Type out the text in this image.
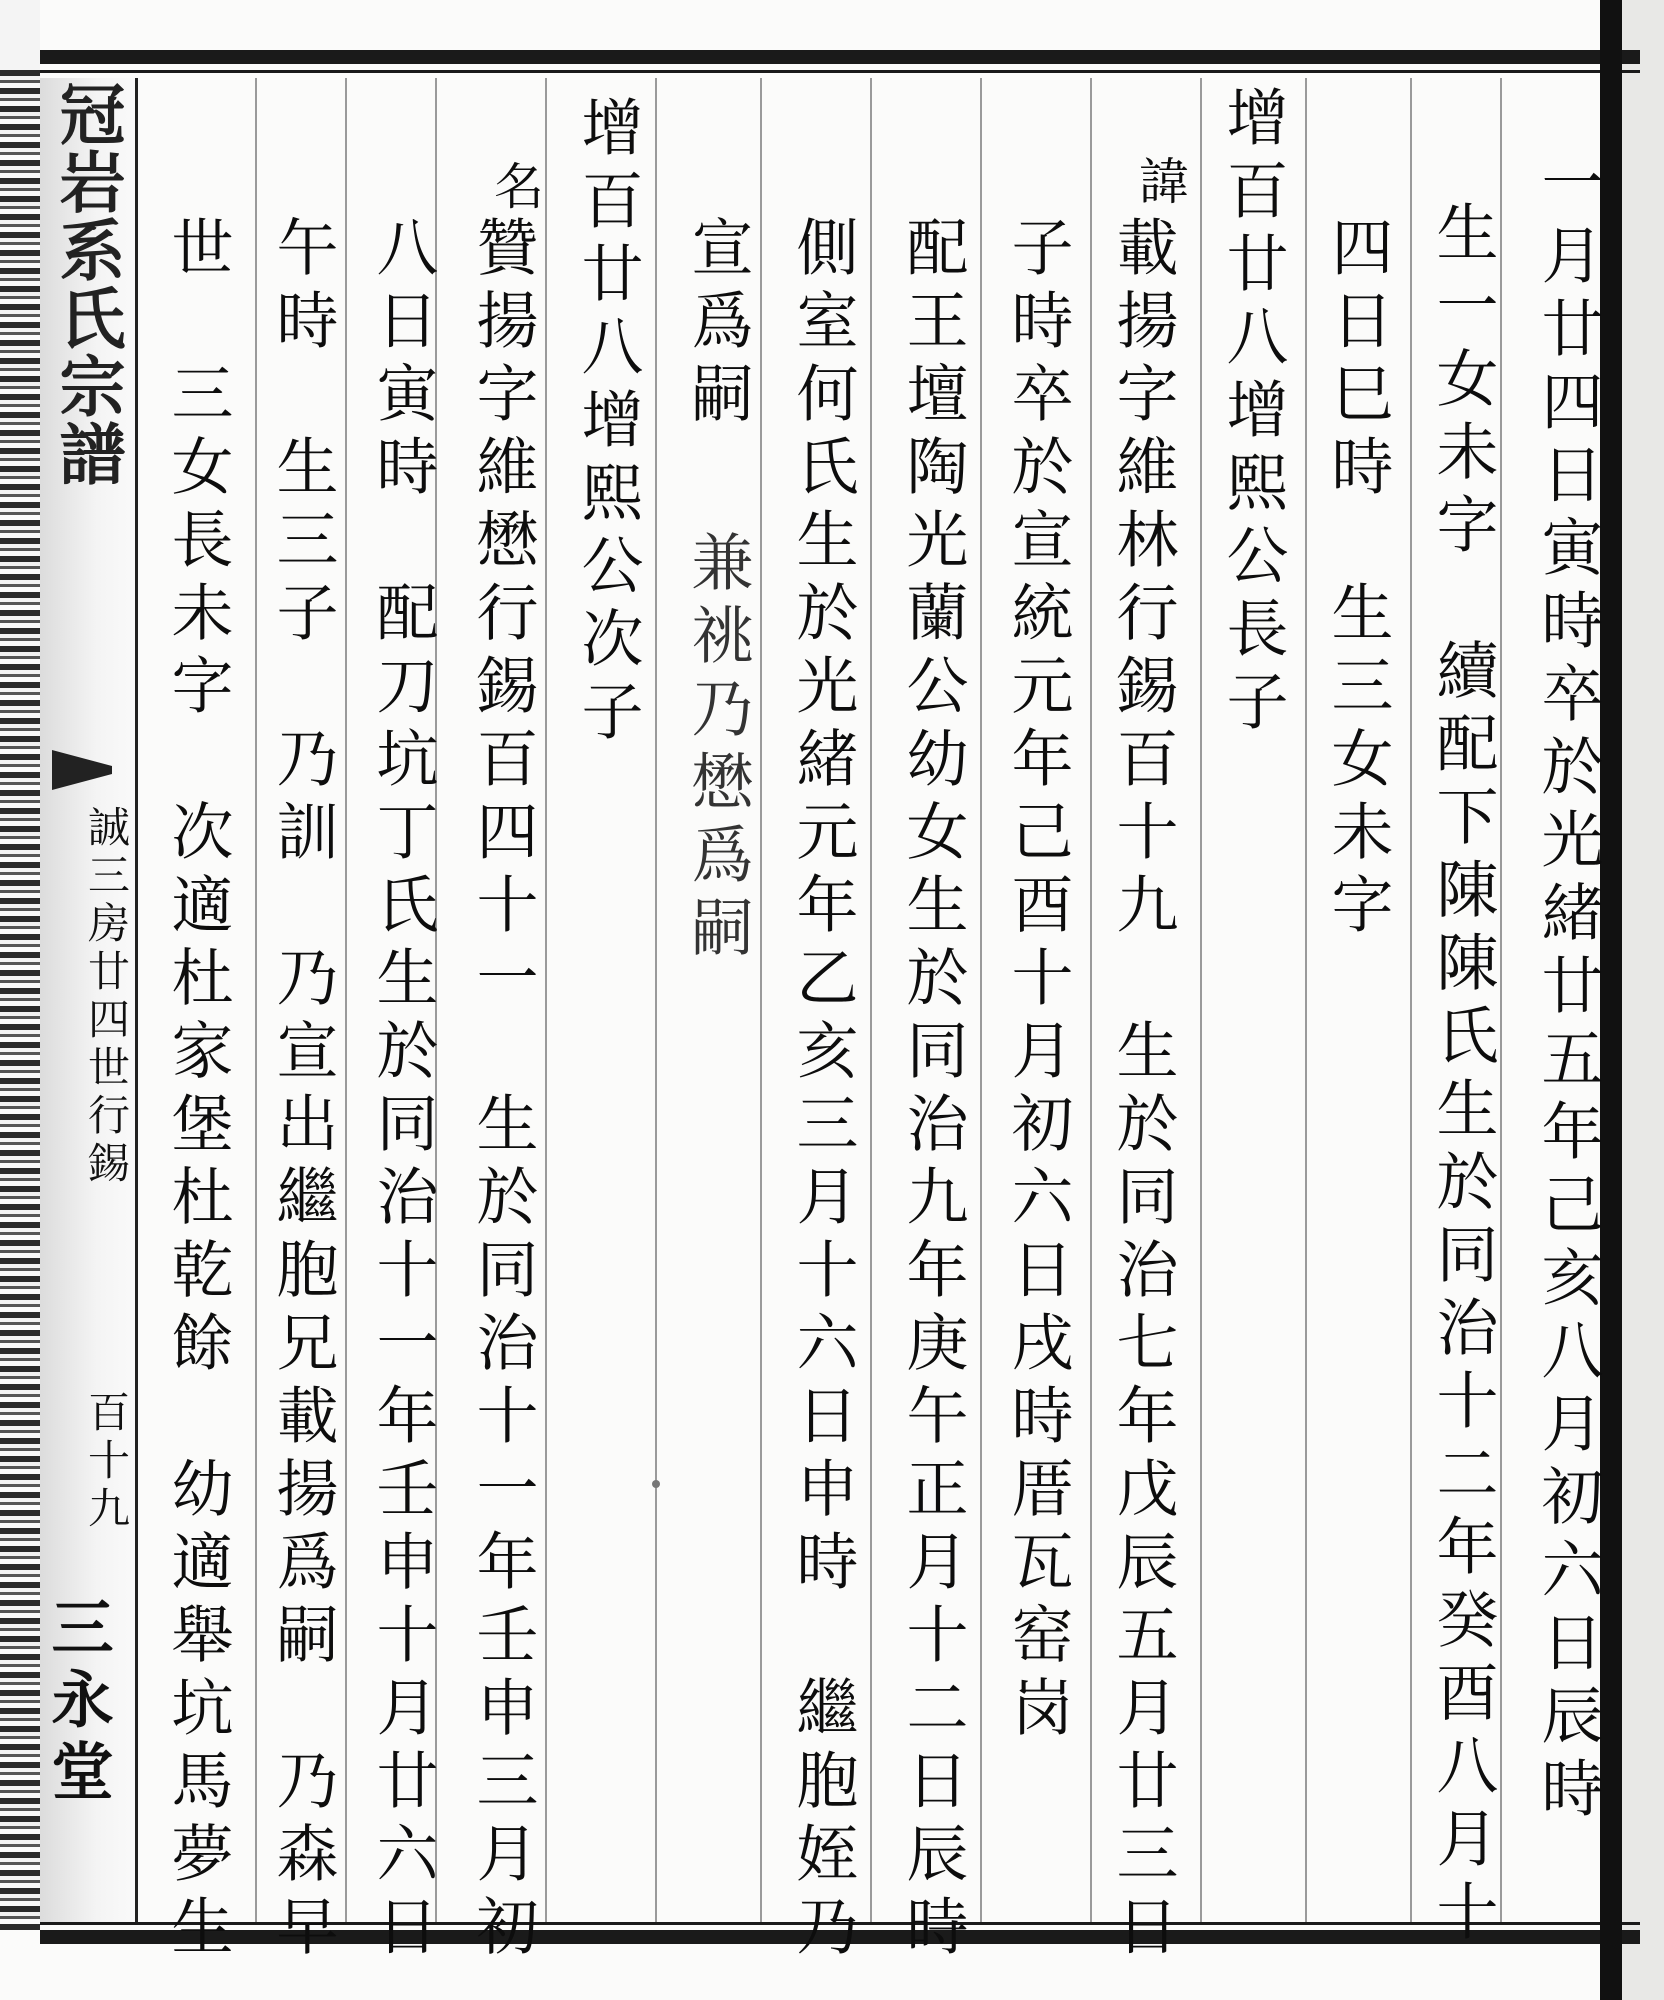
冠岩系氏宗譜
誠三房廿四世行錫
百十九
三永堂	一月廿四日寅時卒於光緒廿五年己亥八月初六日辰時
生一女未字　續配下陳陳氏生於同治十二年癸酉八月十
四日巳時　生三女未字
增百廿八增熙公長子
諱
載揚字維林行錫百十九　生於同治七年戊辰五月廿三日
子時卒於宣統元年己酉十月初六日戌時厝瓦窑岗
配王壇陶光蘭公幼女生於同治九年庚午正月十二日辰時
側室何氏生於光緒元年乙亥三月十六日申時　繼胞姪乃
宣爲嗣
兼祧乃懋爲嗣
增百廿八增熙公次子
名
贊揚字維懋行錫百四十一　生於同治十一年壬申三月初
八日寅時　配刀坑丁氏生於同治十一年壬申十月廿六日
午時　生三子　乃訓　乃宣出繼胞兄載揚爲嗣　乃森早
世　三女長未字　次適杜家堡杜乾餘　幼適舉坑馬夢生
